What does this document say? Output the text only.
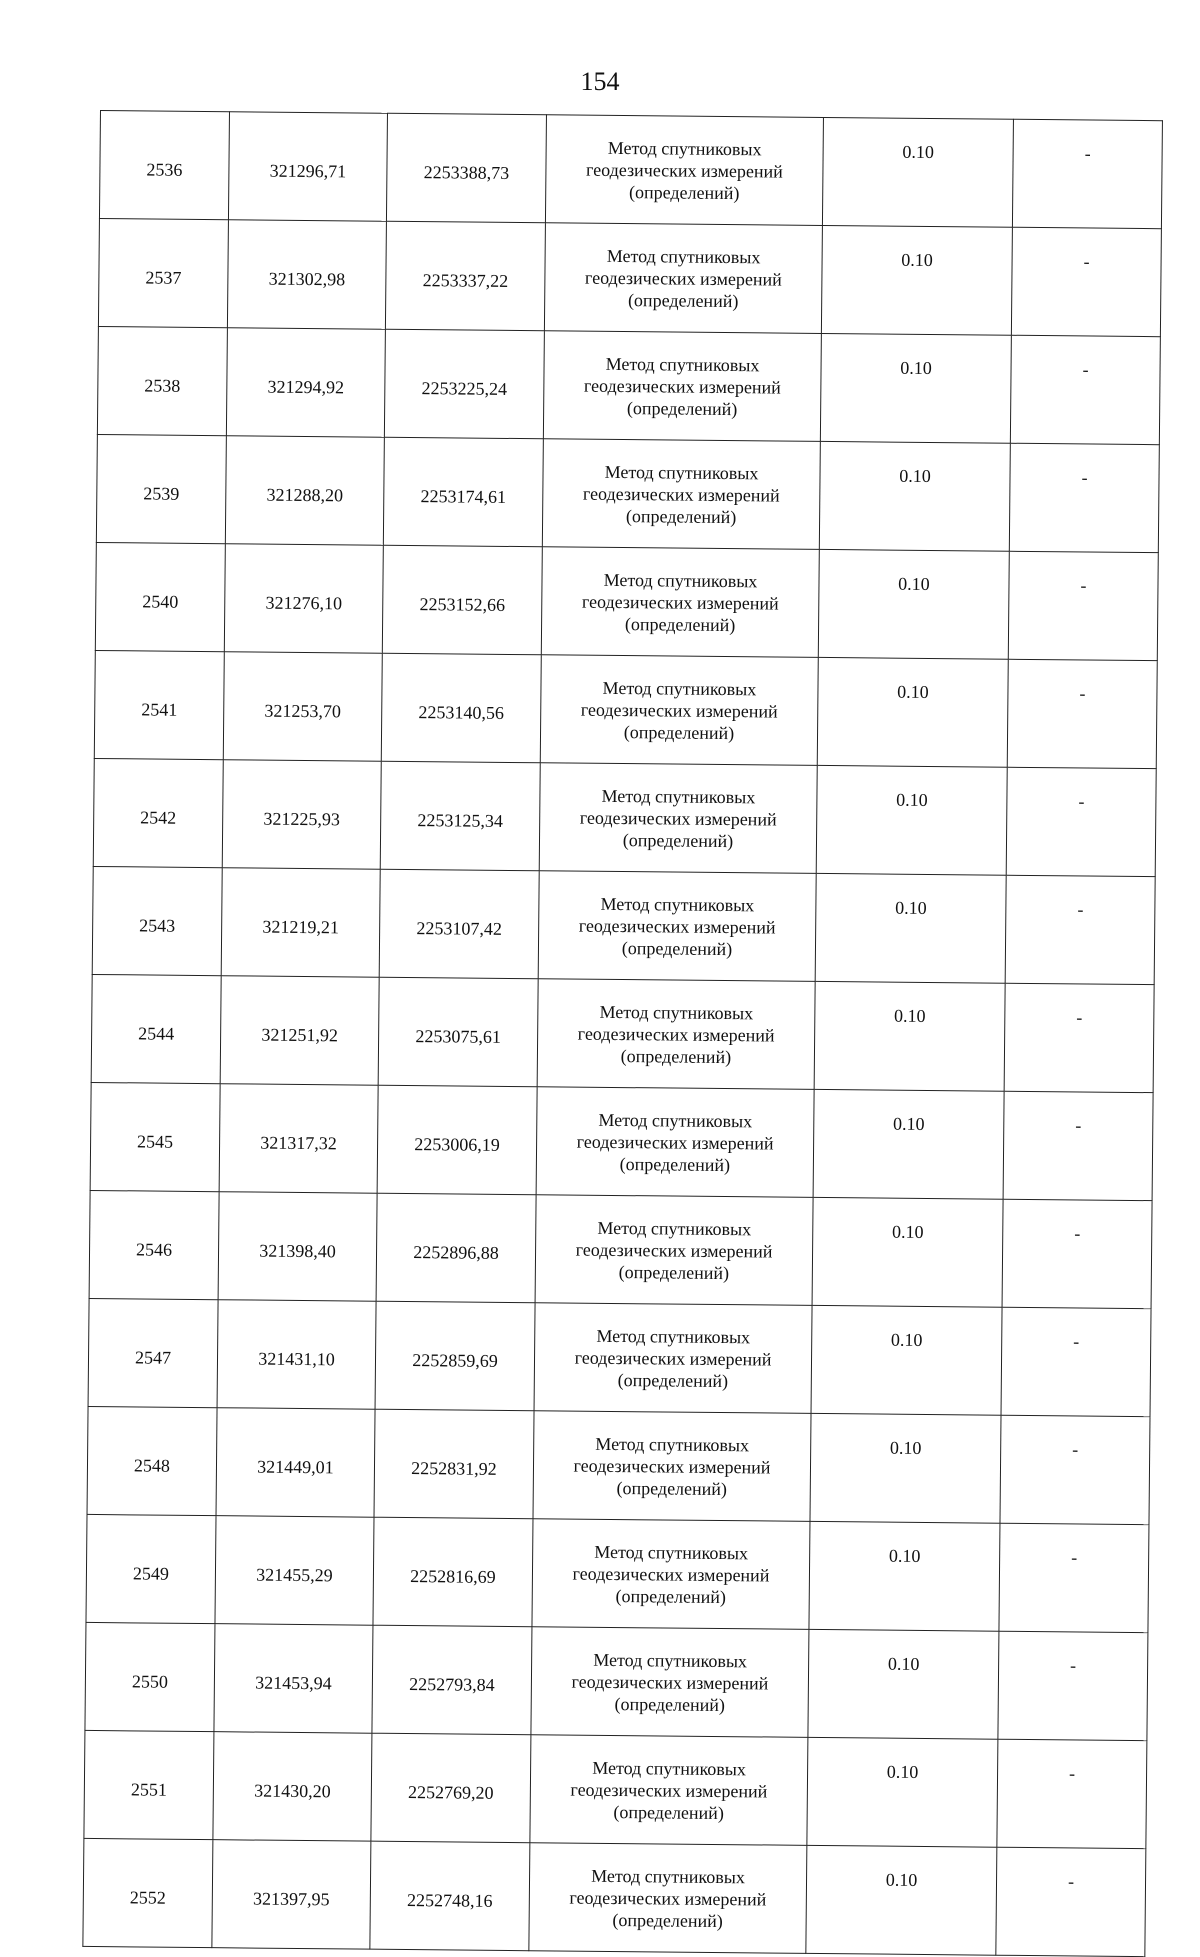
154
2536	321296,71	2253388,73	Метод спутниковых
геодезических измерений
(определений)	0.10	-
2537	321302,98	2253337,22	Метод спутниковых
геодезических измерений
(определений)	0.10	-
2538	321294,92	2253225,24	Метод спутниковых
геодезических измерений
(определений)	0.10	-
2539	321288,20	2253174,61	Метод спутниковых
геодезических измерений
(определений)	0.10	-
2540	321276,10	2253152,66	Метод спутниковых
геодезических измерений
(определений)	0.10	-
2541	321253,70	2253140,56	Метод спутниковых
геодезических измерений
(определений)	0.10	-
2542	321225,93	2253125,34	Метод спутниковых
геодезических измерений
(определений)	0.10	-
2543	321219,21	2253107,42	Метод спутниковых
геодезических измерений
(определений)	0.10	-
2544	321251,92	2253075,61	Метод спутниковых
геодезических измерений
(определений)	0.10	-
2545	321317,32	2253006,19	Метод спутниковых
геодезических измерений
(определений)	0.10	-
2546	321398,40	2252896,88	Метод спутниковых
геодезических измерений
(определений)	0.10	-
2547	321431,10	2252859,69	Метод спутниковых
геодезических измерений
(определений)	0.10	-
2548	321449,01	2252831,92	Метод спутниковых
геодезических измерений
(определений)	0.10	-
2549	321455,29	2252816,69	Метод спутниковых
геодезических измерений
(определений)	0.10	-
2550	321453,94	2252793,84	Метод спутниковых
геодезических измерений
(определений)	0.10	-
2551	321430,20	2252769,20	Метод спутниковых
геодезических измерений
(определений)	0.10	-
2552	321397,95	2252748,16	Метод спутниковых
геодезических измерений
(определений)	0.10	-
